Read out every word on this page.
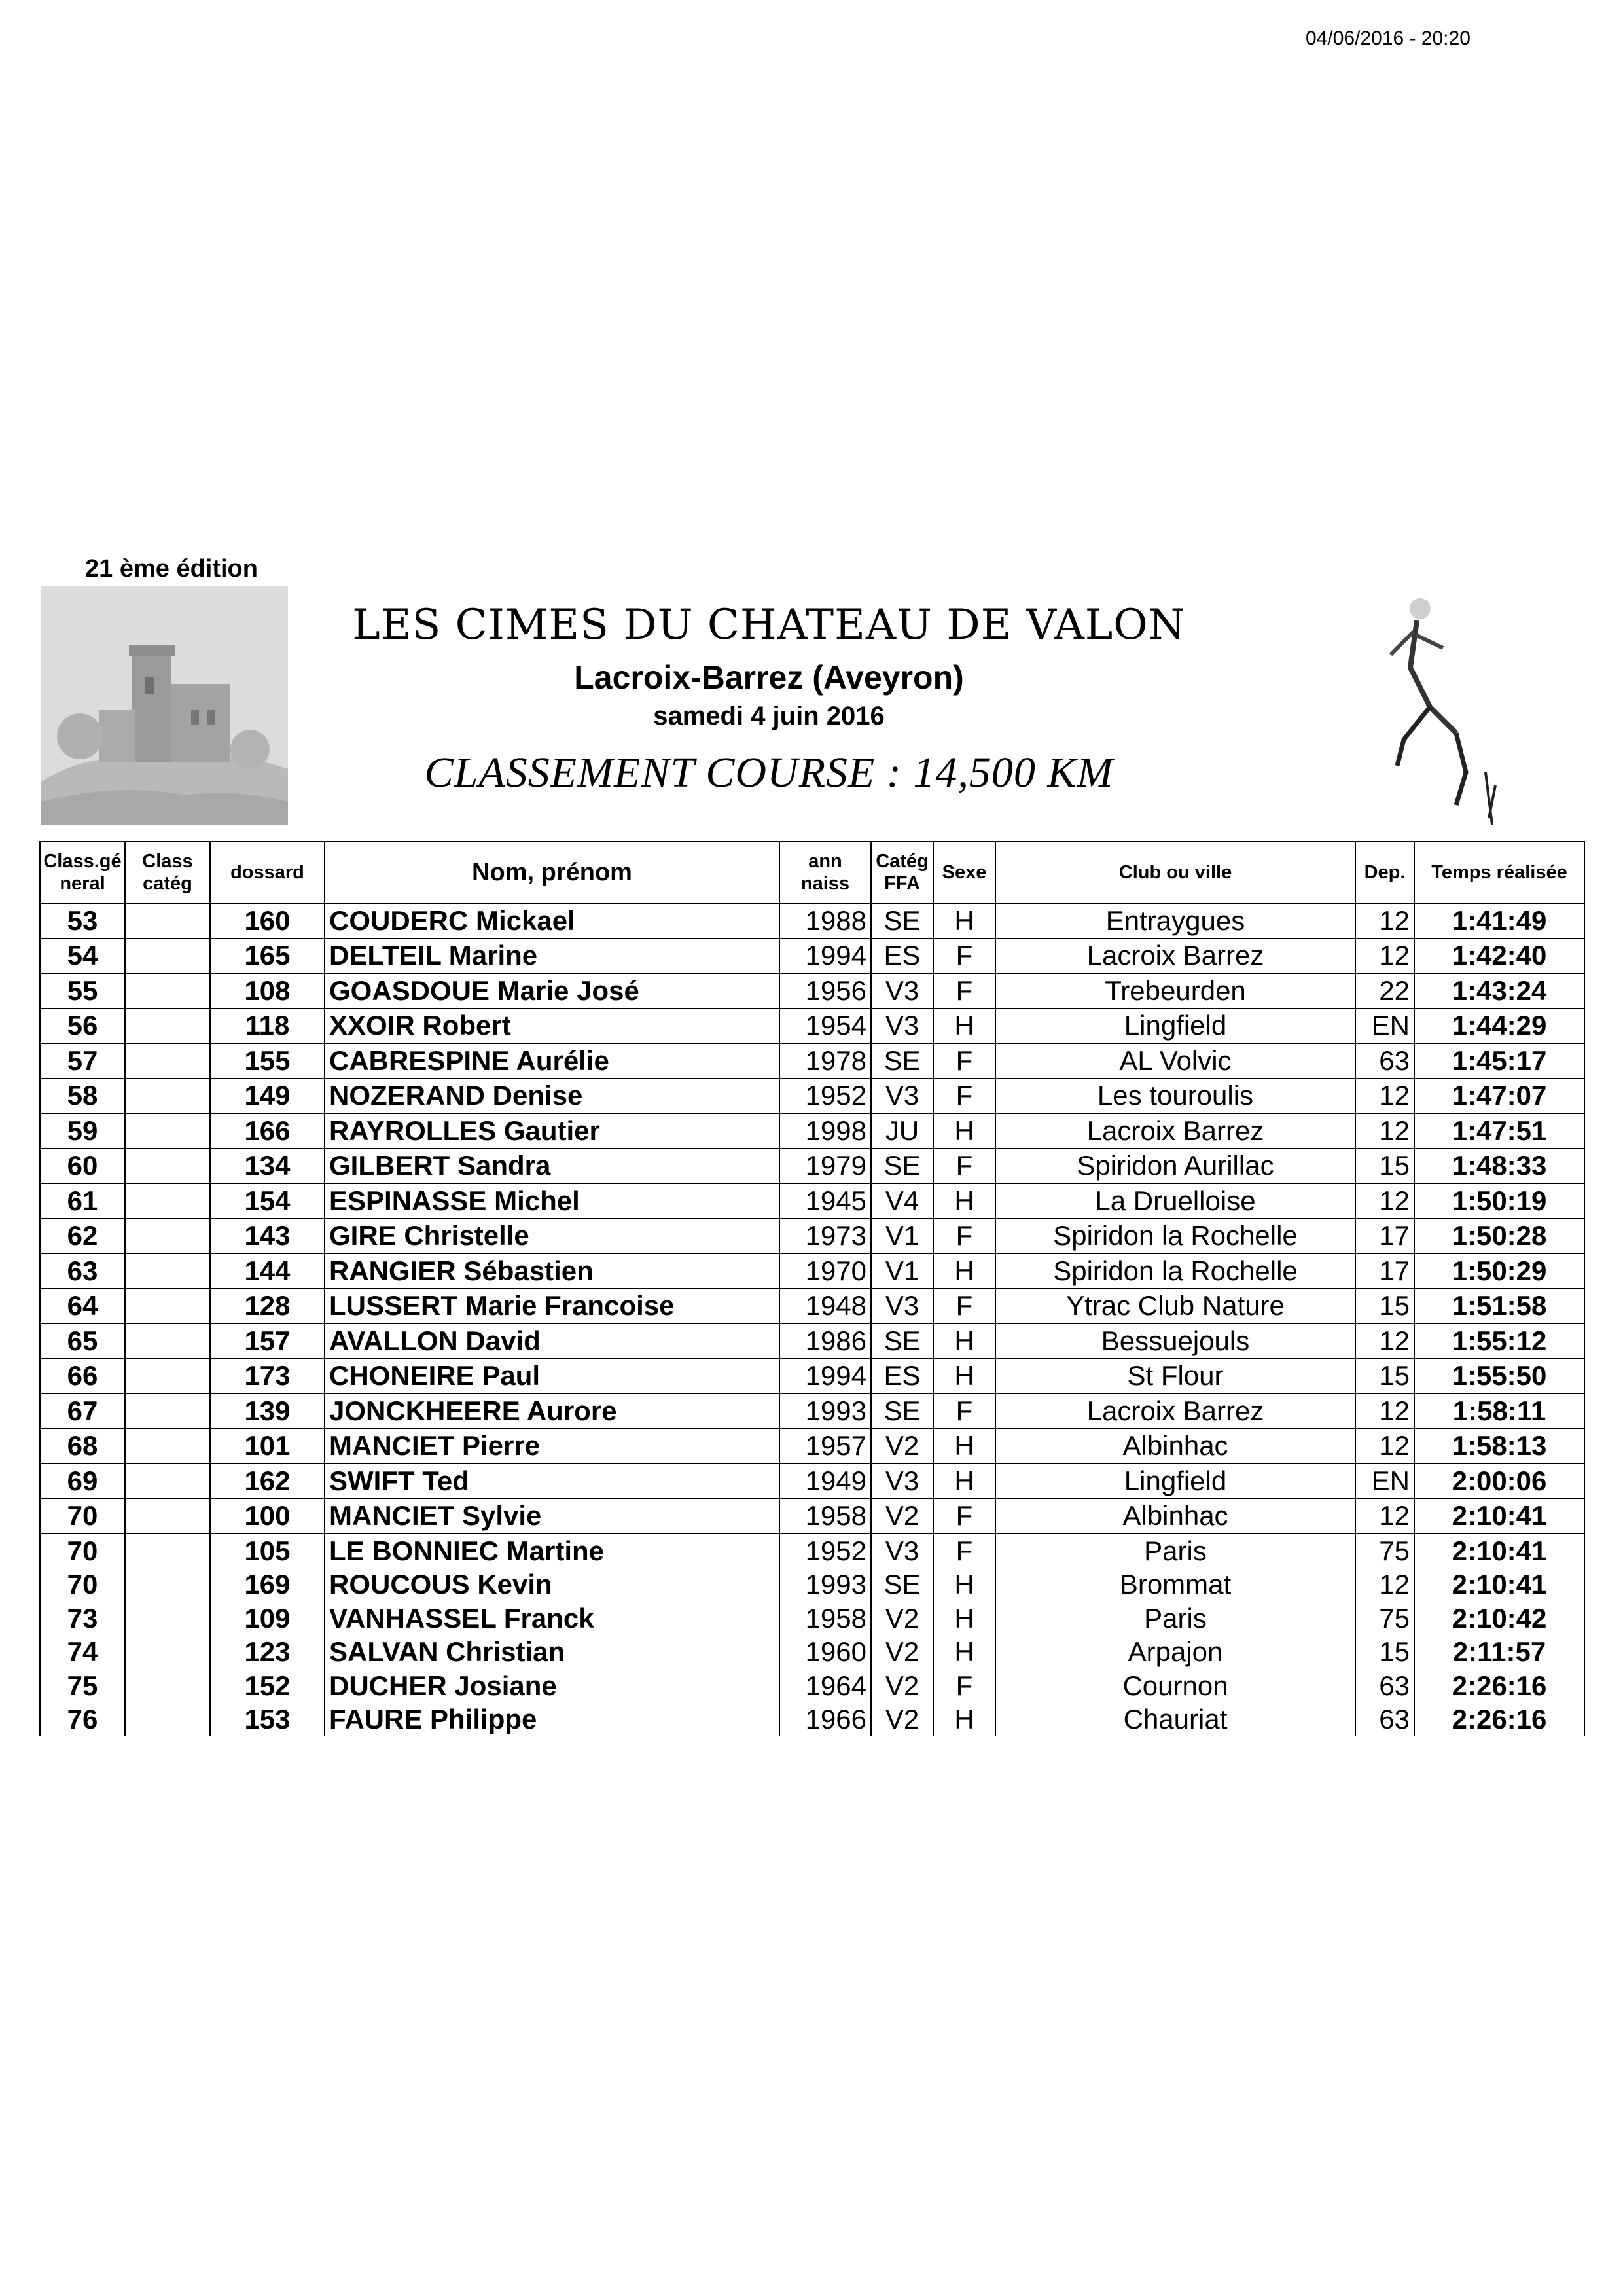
04/06/2016 - 20:20
21 ème édition
LES CIMES DU CHATEAU DE VALON
Lacroix-Barrez (Aveyron)
samedi 4 juin 2016
CLASSEMENT COURSE : 14,500 KM
Class.gé neral	Class catég	dossard	Nom, prénom	ann naiss	Catég FFA	Sexe	Club ou ville	Dep.	Temps réalisée
53		160	COUDERC Mickael	1988	SE	H	Entraygues	12	1:41:49
54		165	DELTEIL Marine	1994	ES	F	Lacroix Barrez	12	1:42:40
55		108	GOASDOUE Marie José	1956	V3	F	Trebeurden	22	1:43:24
56		118	XXOIR Robert	1954	V3	H	Lingfield	EN	1:44:29
57		155	CABRESPINE Aurélie	1978	SE	F	AL Volvic	63	1:45:17
58		149	NOZERAND Denise	1952	V3	F	Les touroulis	12	1:47:07
59		166	RAYROLLES Gautier	1998	JU	H	Lacroix Barrez	12	1:47:51
60		134	GILBERT Sandra	1979	SE	F	Spiridon Aurillac	15	1:48:33
61		154	ESPINASSE Michel	1945	V4	H	La Druelloise	12	1:50:19
62		143	GIRE Christelle	1973	V1	F	Spiridon la Rochelle	17	1:50:28
63		144	RANGIER Sébastien	1970	V1	H	Spiridon la Rochelle	17	1:50:29
64		128	LUSSERT Marie Francoise	1948	V3	F	Ytrac Club Nature	15	1:51:58
65		157	AVALLON David	1986	SE	H	Bessuejouls	12	1:55:12
66		173	CHONEIRE Paul	1994	ES	H	St Flour	15	1:55:50
67		139	JONCKHEERE Aurore	1993	SE	F	Lacroix Barrez	12	1:58:11
68		101	MANCIET Pierre	1957	V2	H	Albinhac	12	1:58:13
69		162	SWIFT Ted	1949	V3	H	Lingfield	EN	2:00:06
70		100	MANCIET Sylvie	1958	V2	F	Albinhac	12	2:10:41
70		105	LE BONNIEC Martine	1952	V3	F	Paris	75	2:10:41
70		169	ROUCOUS Kevin	1993	SE	H	Brommat	12	2:10:41
73		109	VANHASSEL Franck	1958	V2	H	Paris	75	2:10:42
74		123	SALVAN Christian	1960	V2	H	Arpajon	15	2:11:57
75		152	DUCHER Josiane	1964	V2	F	Cournon	63	2:26:16
76		153	FAURE Philippe	1966	V2	H	Chauriat	63	2:26:16
